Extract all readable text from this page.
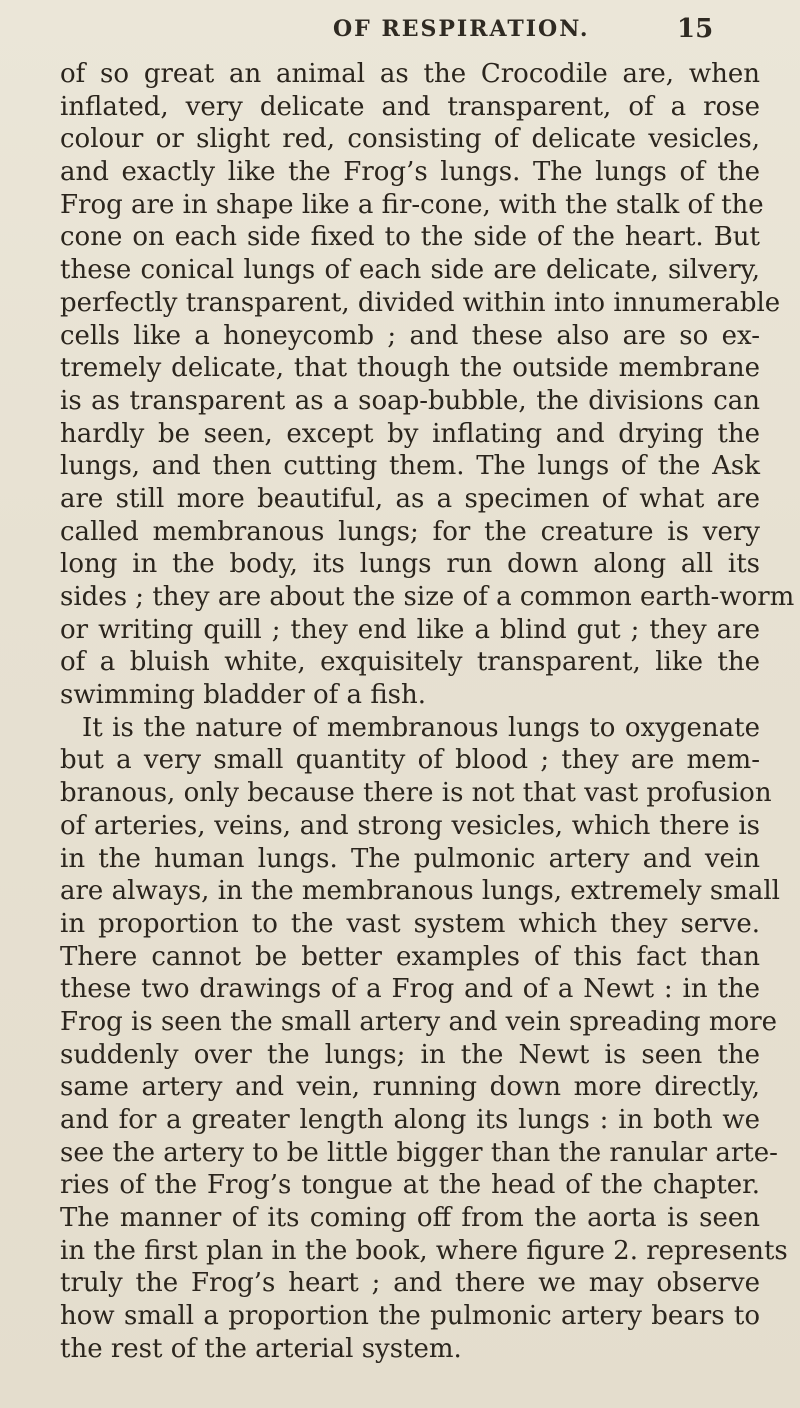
OF RESPIRATION.	15
of so great an animal as the Crocodile are, when
inflated, very delicate and transparent, of a rose
colour or slight red, consisting of delicate vesicles,
and exactly like the Frog’s lungs. The lungs of the
Frog are in shape like a fir-cone, with the stalk of the
cone on each side fixed to the side of the heart. But
these conical lungs of each side are delicate, silvery,
perfectly transparent, divided within into innumerable
cells like a honeycomb ; and these also are so ex-
tremely delicate, that though the outside membrane
is as transparent as a soap-bubble, the divisions can
hardly be seen, except by inflating and drying the
lungs, and then cutting them. The lungs of the Ask
are still more beautiful, as a specimen of what are
called membranous lungs; for the creature is very
long in the body, its lungs run down along all its
sides ; they are about the size of a common earth-worm
or writing quill ; they end like a blind gut ; they are
of a bluish white, exquisitely transparent, like the
swimming bladder of a fish.
It is the nature of membranous lungs to oxygenate
but a very small quantity of blood ; they are mem-
branous, only because there is not that vast profusion
of arteries, veins, and strong vesicles, which there is
in the human lungs. The pulmonic artery and vein
are always, in the membranous lungs, extremely small
in proportion to the vast system which they serve.
There cannot be better examples of this fact than
these two drawings of a Frog and of a Newt : in the
Frog is seen the small artery and vein spreading more
suddenly over the lungs; in the Newt is seen the
same artery and vein, running down more directly,
and for a greater length along its lungs : in both we
see the artery to be little bigger than the ranular arte-
ries of the Frog’s tongue at the head of the chapter.
The manner of its coming off from the aorta is seen
in the first plan in the book, where figure 2. represents
truly the Frog’s heart ; and there we may observe
how small a proportion the pulmonic artery bears to
the rest of the arterial system.
